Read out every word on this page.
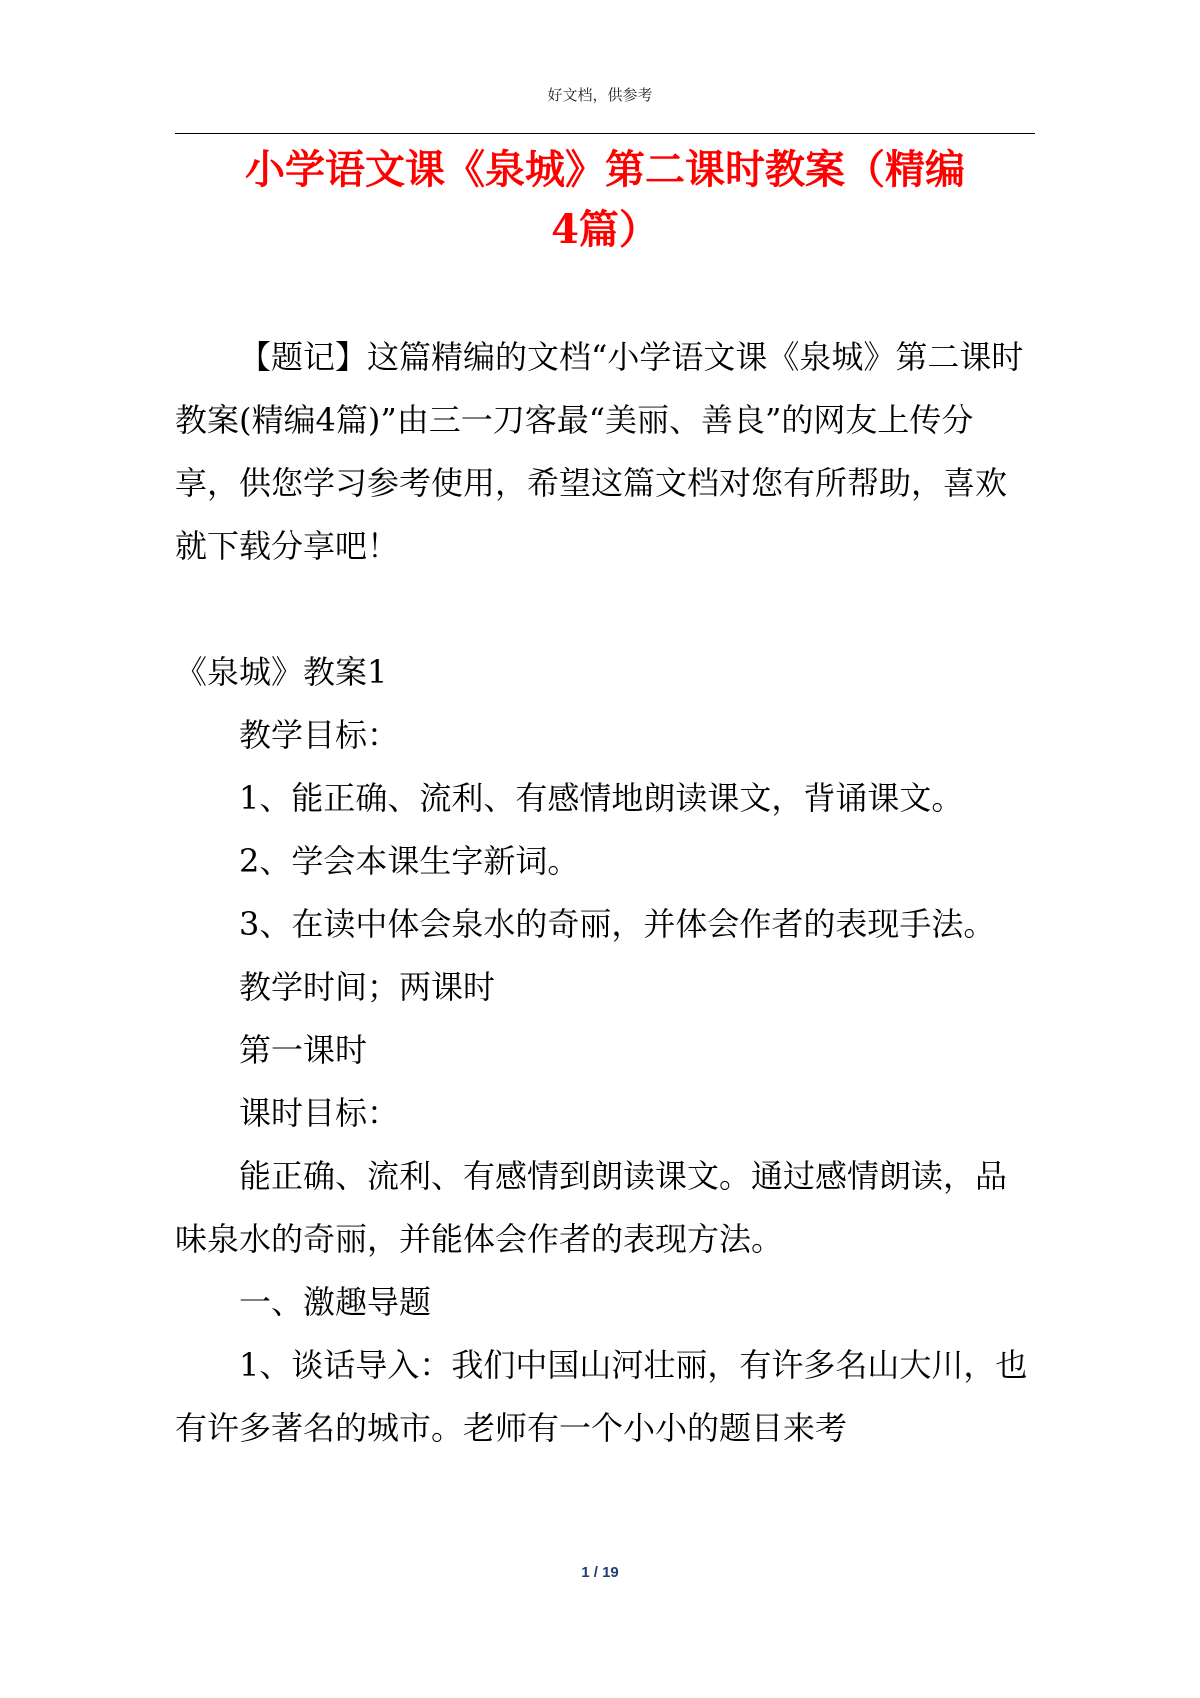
好文档，供参考
小学语文课《泉城》第二课时教案（精编
4篇）

【题记】这篇精编的文档“小学语文课《泉城》第二课时教案(精编4篇)”由三一刀客最“美丽、善良”的网友上传分享，供您学习参考使用，希望这篇文档对您有所帮助，喜欢就下载分享吧！

《泉城》教案1

教学目标：

1、能正确、流利、有感情地朗读课文，背诵课文。

2、学会本课生字新词。

3、在读中体会泉水的奇丽，并体会作者的表现手法。

教学时间；两课时

第一课时

课时目标：

能正确、流利、有感情到朗读课文。通过感情朗读，品味泉水的奇丽，并能体会作者的表现方法。

一、激趣导题

1、谈话导入：我们中国山河壮丽，有许多名山大川，也有许多著名的城市。老师有一个小小的题目来考

1 / 19
